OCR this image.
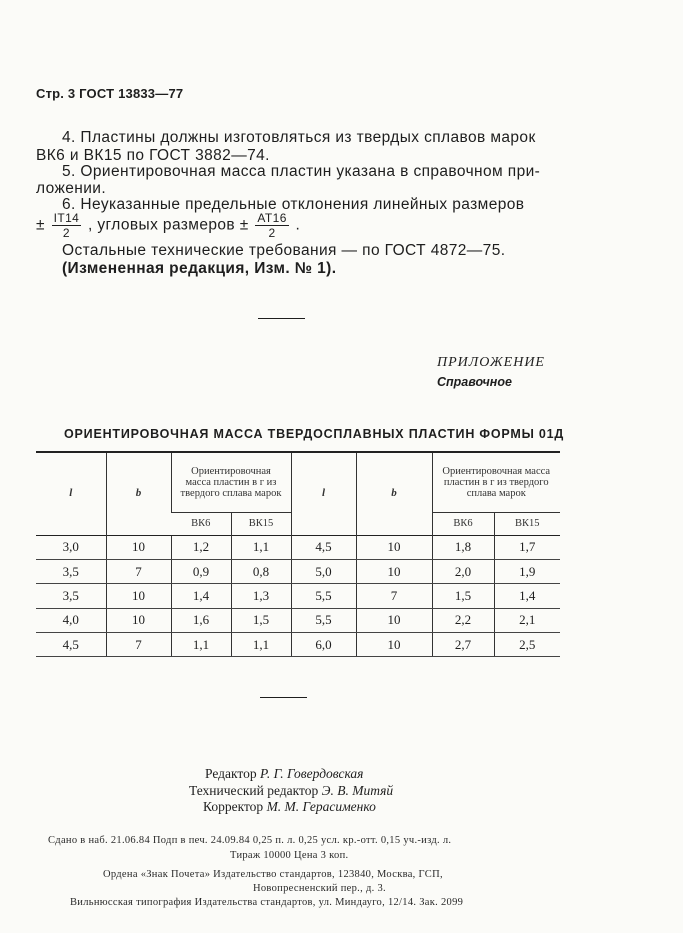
Стр. 3 ГОСТ 13833—77
4. Пластины должны изготовляться из твердых сплавов марок
ВК6 и ВК15 по ГОСТ 3882—74.
5. Ориентировочная масса пластин указана в справочном при-
ложении.
6. Неуказанные предельные отклонения линейных размеров
± $\frac{IT14}{2}$ , угловых размеров ± $\frac{AT16}{2}$ .
Остальные технические требования — по ГОСТ 4872—75.
(Измененная редакция, Изм. № 1).
ПРИЛОЖЕНИЕ
Справочное
ОРИЕНТИРОВОЧНАЯ МАССА ТВЕРДОСПЛАВНЫХ ПЛАСТИН ФОРМЫ 01Д
l	b	Ориентировочная масса пластин в г из твердого сплава марок		l	b	Ориентировочная масса пластин в г из твердого сплава марок	
		ВК6	ВК15			ВК6	ВК15
3,0	10	1,2	1,1	4,5	10	1,8	1,7
3,5	7	0,9	0,8	5,0	10	2,0	1,9
3,5	10	1,4	1,3	5,5	7	1,5	1,4
4,0	10	1,6	1,5	5,5	10	2,2	2,1
4,5	7	1,1	1,1	6,0	10	2,7	2,5
Редактор Р. Г. Говердовская
Технический редактор Э. В. Митяй
Корректор М. М. Герасименко
Сдано в наб. 21.06.84 Подп в печ. 24.09.84 0,25 п. л. 0,25 усл. кр.-отт. 0,15 уч.-изд. л.
Тираж 10000 Цена 3 коп.
Ордена «Знак Почета» Издательство стандартов, 123840, Москва, ГСП,
Новопресненский пер., д. 3.
Вильнюсская типография Издательства стандартов, ул. Миндауго, 12/14. Зак. 2099
